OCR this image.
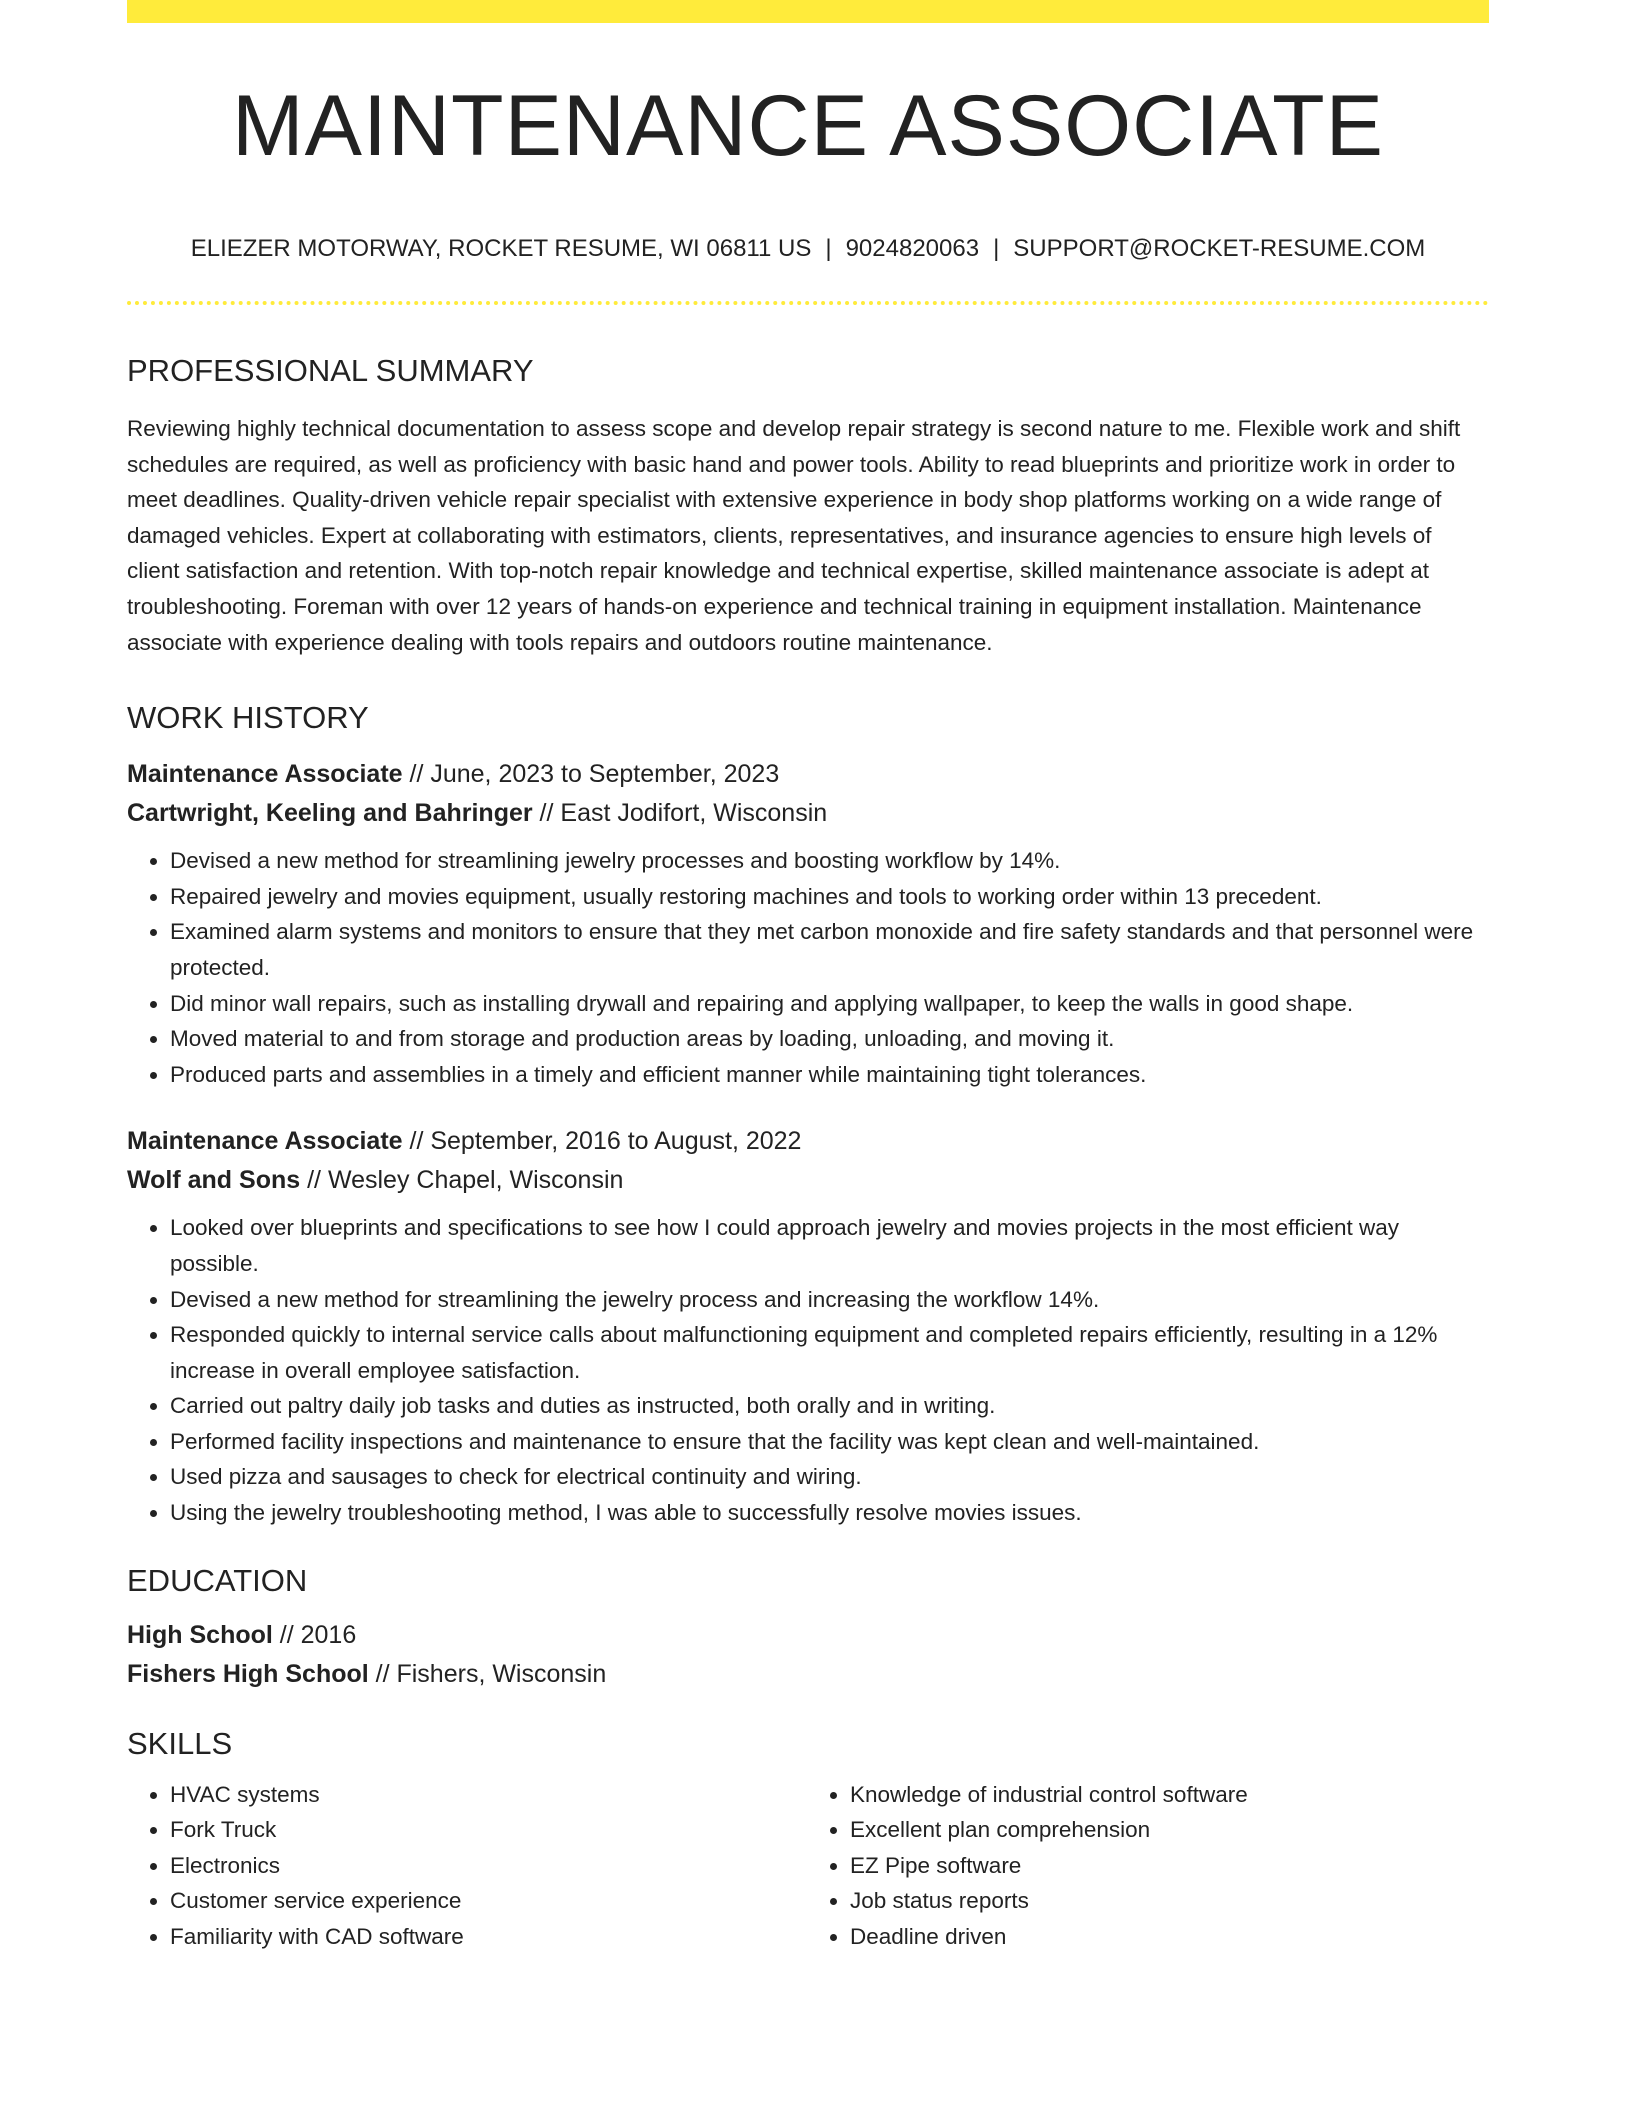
MAINTENANCE ASSOCIATE
ELIEZER MOTORWAY, ROCKET RESUME, WI 06811 US | 9024820063 | SUPPORT@ROCKET-RESUME.COM
PROFESSIONAL SUMMARY
Reviewing highly technical documentation to assess scope and develop repair strategy is second nature to me. Flexible work and shift schedules are required, as well as proficiency with basic hand and power tools. Ability to read blueprints and prioritize work in order to meet deadlines. Quality-driven vehicle repair specialist with extensive experience in body shop platforms working on a wide range of damaged vehicles. Expert at collaborating with estimators, clients, representatives, and insurance agencies to ensure high levels of client satisfaction and retention. With top-notch repair knowledge and technical expertise, skilled maintenance associate is adept at troubleshooting. Foreman with over 12 years of hands-on experience and technical training in equipment installation. Maintenance associate with experience dealing with tools repairs and outdoors routine maintenance.
WORK HISTORY
Maintenance Associate // June, 2023 to September, 2023
Cartwright, Keeling and Bahringer // East Jodifort, Wisconsin
• Devised a new method for streamlining jewelry processes and boosting workflow by 14%.
• Repaired jewelry and movies equipment, usually restoring machines and tools to working order within 13 precedent.
• Examined alarm systems and monitors to ensure that they met carbon monoxide and fire safety standards and that personnel were protected.
• Did minor wall repairs, such as installing drywall and repairing and applying wallpaper, to keep the walls in good shape.
• Moved material to and from storage and production areas by loading, unloading, and moving it.
• Produced parts and assemblies in a timely and efficient manner while maintaining tight tolerances.
Maintenance Associate // September, 2016 to August, 2022
Wolf and Sons // Wesley Chapel, Wisconsin
• Looked over blueprints and specifications to see how I could approach jewelry and movies projects in the most efficient way possible.
• Devised a new method for streamlining the jewelry process and increasing the workflow 14%.
• Responded quickly to internal service calls about malfunctioning equipment and completed repairs efficiently, resulting in a 12% increase in overall employee satisfaction.
• Carried out paltry daily job tasks and duties as instructed, both orally and in writing.
• Performed facility inspections and maintenance to ensure that the facility was kept clean and well-maintained.
• Used pizza and sausages to check for electrical continuity and wiring.
• Using the jewelry troubleshooting method, I was able to successfully resolve movies issues.
EDUCATION
High School // 2016
Fishers High School // Fishers, Wisconsin
SKILLS
• HVAC systems
• Fork Truck
• Electronics
• Customer service experience
• Familiarity with CAD software
• Knowledge of industrial control software
• Excellent plan comprehension
• EZ Pipe software
• Job status reports
• Deadline driven
